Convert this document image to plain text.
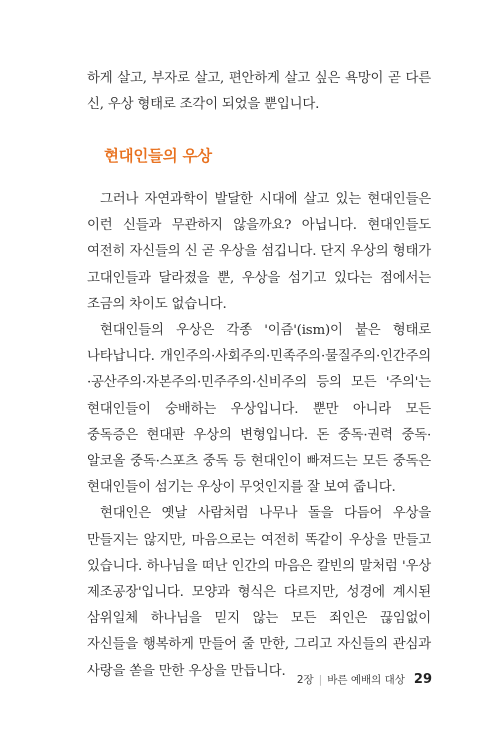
하게 살고, 부자로 살고, 편안하게 살고 싶은 욕망이 곧 다른 신, 우상 형태로 조각이 되었을 뿐입니다.

현대인들의 우상

그러나 자연과학이 발달한 시대에 살고 있는 현대인들은 이런 신들과 무관하지 않을까요? 아닙니다. 현대인들도 여전히 자신들의 신 곧 우상을 섬깁니다. 단지 우상의 형태가 고대인들과 달라졌을 뿐, 우상을 섬기고 있다는 점에서는 조금의 차이도 없습니다.

현대인들의 우상은 각종 '이즘'(ism)이 붙은 형태로 나타납니다. 개인주의·사회주의·민족주의·물질주의·인간주의·공산주의·자본주의·민주주의·신비주의 등의 모든 '주의'는 현대인들이 숭배하는 우상입니다. 뿐만 아니라 모든 중독증은 현대판 우상의 변형입니다. 돈 중독·권력 중독·알코올 중독·스포츠 중독 등 현대인이 빠져드는 모든 중독은 현대인들이 섬기는 우상이 무엇인지를 잘 보여 줍니다.

현대인은 옛날 사람처럼 나무나 돌을 다듬어 우상을 만들지는 않지만, 마음으로는 여전히 똑같이 우상을 만들고 있습니다. 하나님을 떠난 인간의 마음은 칼빈의 말처럼 '우상 제조공장'입니다. 모양과 형식은 다르지만, 성경에 계시된 삼위일체 하나님을 믿지 않는 모든 죄인은 끊임없이 자신들을 행복하게 만들어 줄 만한, 그리고 자신들의 관심과 사랑을 쏟을 만한 우상을 만듭니다.

2장 | 바른 예배의 대상 29
